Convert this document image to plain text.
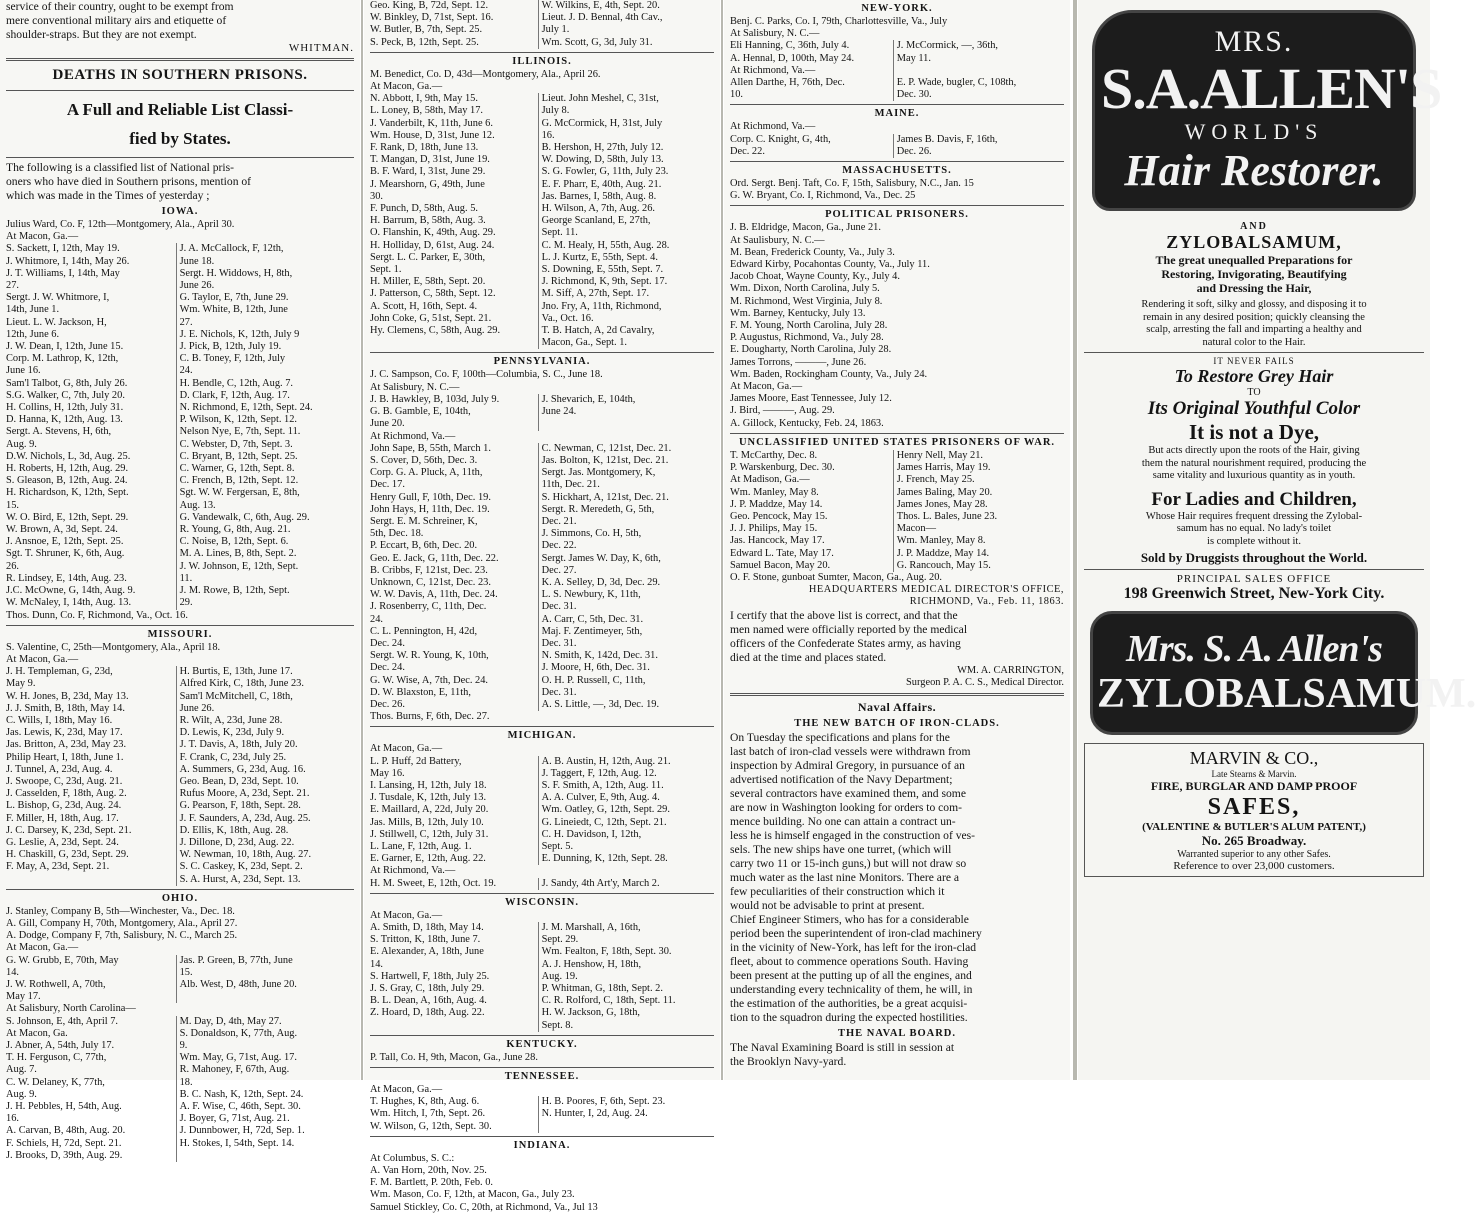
service of their country, ought to be exempt from
mere conventional military airs and etiquette of
shoulder-straps. But they are not exempt.
WHITMAN.
DEATHS IN SOUTHERN PRISONS.
A Full and Reliable List Classi-
fied by States.
The following is a classified list of National pris-
oners who have died in Southern prisons, mention of
which was made in the Times of yesterday ;
IOWA.
Julius Ward, Co. F, 12th—Montgomery, Ala., April 30.
At Macon, Ga.—
S. Sackett, I, 12th, May 19.	J. A. McCallock, F, 12th,
J. Whitmore, I, 14th, May 26.	June 18.
J. T. Williams, I, 14th, May	Sergt. H. Widdows, H, 8th,
27.	June 26.
Sergt. J. W. Whitmore, I,	G. Taylor, E, 7th, June 29.
14th, June 1.	Wm. White, B, 12th, June
Lieut. L. W. Jackson, H,	27.
12th, June 6.	J. E. Nichols, K, 12th, July 9
J. W. Dean, I, 12th, June 15.	J. Pick, B, 12th, July 19.
Corp. M. Lathrop, K, 12th,	C. B. Toney, F, 12th, July
June 16.	24.
Sam'l Talbot, G, 8th, July 26.	H. Bendle, C, 12th, Aug. 7.
S.G. Walker, C, 7th, July 20.	D. Clark, F, 12th, Aug. 17.
H. Collins, H, 12th, July 31.	N. Richmond, E, 12th, Sept. 24.
D. Hanna, K, 12th, Aug. 13.	P. Wilson, K, 12th, Sept. 12.
Sergt. A. Stevens, H, 6th,	Nelson Nye, E, 7th, Sept. 11.
Aug. 9.	C. Webster, D, 7th, Sept. 3.
D.W. Nichols, L, 3d, Aug. 25.	C. Bryant, B, 12th, Sept. 25.
H. Roberts, H, 12th, Aug. 29.	C. Warner, G, 12th, Sept. 8.
S. Gleason, B, 12th, Aug. 24.	C. French, B, 12th, Sept. 12.
H. Richardson, K, 12th, Sept.	Sgt. W. W. Fergersan, E, 8th,
15.	Aug. 13.
W. O. Bird, E, 12th, Sept. 29.	G. Vandewalk, C, 6th, Aug. 29.
W. Brown, A, 3d, Sept. 24.	R. Young, G, 8th, Aug. 21.
J. Ansnoe, E, 12th, Sept. 25.	C. Noise, B, 12th, Sept. 6.
Sgt. T. Shruner, K, 6th, Aug.	M. A. Lines, B, 8th, Sept. 2.
26.	J. W. Johnson, E, 12th, Sept.
R. Lindsey, E, 14th, Aug. 23.	11.
J.C. McOwne, G, 14th, Aug. 9.	J. M. Rowe, B, 12th, Sept.
W. McNaley, I, 14th, Aug. 13.	29.
Thos. Dunn, Co. F, Richmond, Va., Oct. 16.
MISSOURI.
S. Valentine, C, 25th—Montgomery, Ala., April 18.
At Macon, Ga.—
J. H. Templeman, G, 23d,	H. Burtis, E, 13th, June 17.
May 9.	Alfred Kirk, C, 18th, June 23.
W. H. Jones, B, 23d, May 13.	Sam'l McMitchell, C, 18th,
J. J. Smith, B, 18th, May 14.	June 26.
C. Wills, I, 18th, May 16.	R. Wilt, A, 23d, June 28.
Jas. Lewis, K, 23d, May 17.	D. Lewis, K, 23d, July 9.
Jas. Britton, A, 23d, May 23.	J. T. Davis, A, 18th, July 20.
Philip Heart, I, 18th, June 1.	F. Crank, C, 23d, July 25.
J. Tunnel, A, 23d, Aug. 4.	A. Summers, G, 23d, Aug. 16.
J. Swoope, C, 23d, Aug. 21.	Geo. Bean, D, 23d, Sept. 10.
J. Casselden, F, 18th, Aug. 2.	Rufus Moore, A, 23d, Sept. 21.
L. Bishop, G, 23d, Aug. 24.	G. Pearson, F, 18th, Sept. 28.
F. Miller, H, 18th, Aug. 17.	J. F. Saunders, A, 23d, Aug. 25.
J. C. Darsey, K, 23d, Sept. 21.	D. Ellis, K, 18th, Aug. 28.
G. Leslie, A, 23d, Sept. 24.	J. Dillone, D, 23d, Aug. 22.
H. Chaskill, G, 23d, Sept. 29.	W. Newman, 10, 18th, Aug. 27.
F. May, A, 23d, Sept. 21.	S. C. Caskey, K, 23d, Sept. 2.
S. A. Hurst, A, 23d, Sept. 13.
OHIO.
J. Stanley, Company B, 5th—Winchester, Va., Dec. 18.
A. Gill, Company H, 70th, Montgomery, Ala., April 27.
A. Dodge, Company F, 7th, Salisbury, N. C., March 25.
At Macon, Ga.—
G. W. Grubb, E, 70th, May	Jas. P. Green, B, 77th, June
14.	15.
J. W. Rothwell, A, 70th,	Alb. West, D, 48th, June 20.
May 17.
At Salisbury, North Carolina—
S. Johnson, E, 4th, April 7.	M. Day, D, 4th, May 27.
At Macon, Ga.	S. Donaldson, K, 77th, Aug.
J. Abner, A, 54th, July 17.	9.
T. H. Ferguson, C, 77th,	Wm. May, G, 71st, Aug. 17.
Aug. 7.	R. Mahoney, F, 67th, Aug.
C. W. Delaney, K, 77th,	18.
Aug. 9.	B. C. Nash, K, 12th, Sept. 24.
J. H. Pebbles, H, 54th, Aug.	A. F. Wise, C, 46th, Sept. 30.
16.	J. Boyer, G, 71st, Aug. 21.
A. Carvan, B, 48th, Aug. 20.	J. Dunnbower, H, 72d, Sep. 1.
F. Schiels, H, 72d, Sept. 21.	H. Stokes, I, 54th, Sept. 14.
J. Brooks, D, 39th, Aug. 29.
Geo. King, B, 72d, Sept. 12.	W. Wilkins, E, 4th, Sept. 20.
W. Binkley, D, 71st, Sept. 16.	Lieut. J. D. Bennal, 4th Cav.,
W. Butler, B, 7th, Sept. 25.	July 1.
S. Peck, B, 12th, Sept. 25.	Wm. Scott, G, 3d, July 31.
ILLINOIS.
M. Benedict, Co. D, 43d—Montgomery, Ala., April 26.
At Macon, Ga.—
N. Abbott, I, 9th, May 15.	Lieut. John Meshel, C, 31st,
L. Loney, B, 58th, May 17.	July 8.
J. Vanderbilt, K, 11th, June 6.	G. McCormick, H, 31st, July
Wm. House, D, 31st, June 12.	16.
F. Rank, D, 18th, June 13.	B. Hershon, H, 27th, July 12.
T. Mangan, D, 31st, June 19.	W. Dowing, D, 58th, July 13.
B. F. Ward, I, 31st, June 29.	S. G. Fowler, G, 11th, July 23.
J. Mearshorn, G, 49th, June	E. F. Pharr, E, 40th, Aug. 21.
30.	Jas. Barnes, I, 58th, Aug. 8.
F. Punch, D, 58th, Aug. 5.	H. Wilson, A, 7th, Aug. 26.
H. Barrum, B, 58th, Aug. 3.	George Scanland, E, 27th,
O. Flanshin, K, 49th, Aug. 29.	Sept. 11.
H. Holliday, D, 61st, Aug. 24.	C. M. Healy, H, 55th, Aug. 28.
Sergt. L. C. Parker, E, 30th,	L. J. Kurtz, E, 55th, Sept. 4.
Sept. 1.	S. Downing, E, 55th, Sept. 7.
H. Miller, E, 58th, Sept. 20.	J. Richmond, K, 9th, Sept. 17.
J. Patterson, C, 58th, Sept. 12.	M. Siff, A, 27th, Sept. 17.
A. Scott, H, 16th, Sept. 4.	Jno. Fry, A, 11th, Richmond,
John Coke, G, 51st, Sept. 21.	Va., Oct. 16.
Hy. Clemens, C, 58th, Aug. 29.	T. B. Hatch, A, 2d Cavalry,
Macon, Ga., Sept. 1.
PENNSYLVANIA.
J. C. Sampson, Co. F, 100th—Columbia, S. C., June 18.
At Salisbury, N. C.—
J. B. Hawkley, B, 103d, July 9.	J. Shevarich, E, 104th,
G. B. Gamble, E, 104th,	June 24.
June 20.
At Richmond, Va.—
John Sape, B, 55th, March 1.	C. Newman, C, 121st, Dec. 21.
S. Cover, D, 56th, Dec. 3.	Jas. Bolton, K, 121st, Dec. 21.
Corp. G. A. Pluck, A, 11th,	Sergt. Jas. Montgomery, K,
Dec. 17.	11th, Dec. 21.
Henry Gull, F, 10th, Dec. 19.	S. Hickhart, A, 121st, Dec. 21.
John Hays, H, 11th, Dec. 19.	Sergt. R. Meredeth, G, 5th,
Sergt. E. M. Schreiner, K,	Dec. 21.
5th, Dec. 18.	J. Simmons, Co. H, 5th,
P. Eccart, B, 6th, Dec. 20.	Dec. 22.
Geo. E. Jack, G, 11th, Dec. 22.	Sergt. James W. Day, K, 6th,
B. Cribbs, F, 121st, Dec. 23.	Dec. 27.
Unknown, C, 121st, Dec. 23.	K. A. Selley, D, 3d, Dec. 29.
W. W. Davis, A, 11th, Dec. 24.	L. S. Newbury, K, 11th,
J. Rosenberry, C, 11th, Dec.	Dec. 31.
24.	A. Carr, C, 5th, Dec. 31.
C. L. Pennington, H, 42d,	Maj. F. Zentimeyer, 5th,
Dec. 24.	Dec. 31.
Sergt. W. R. Young, K, 10th,	N. Smith, K, 142d, Dec. 31.
Dec. 24.	J. Moore, H, 6th, Dec. 31.
G. W. Wise, A, 7th, Dec. 24.	O. H. P. Russell, C, 11th,
D. W. Blaxston, E, 11th,	Dec. 31.
Dec. 26.	A. S. Little, —, 3d, Dec. 19.
Thos. Burns, F, 6th, Dec. 27.
MICHIGAN.
At Macon, Ga.—
L. P. Huff, 2d Battery,	A. B. Austin, H, 12th, Aug. 21.
May 16.	J. Taggert, F, 12th, Aug. 12.
I. Lansing, H, 12th, July 18.	S. F. Smith, A, 12th, Aug. 11.
J. Tusdale, K, 12th, July 13.	A. A. Culver, E, 9th, Aug. 4.
E. Maillard, A, 22d, July 20.	Wm. Oatley, G, 12th, Sept. 29.
Jas. Mills, B, 12th, July 10.	G. Lineiedt, C, 12th, Sept. 21.
J. Stillwell, C, 12th, July 31.	C. H. Davidson, I, 12th,
L. Lane, F, 12th, Aug. 1.	Sept. 5.
E. Garner, E, 12th, Aug. 22.	E. Dunning, K, 12th, Sept. 28.
At Richmond, Va.—
H. M. Sweet, E, 12th, Oct. 19.	J. Sandy, 4th Art'y, March 2.
WISCONSIN.
At Macon, Ga.—
A. Smith, D, 18th, May 14.	J. M. Marshall, A, 16th,
S. Tritton, K, 18th, June 7.	Sept. 29.
E. Alexander, A, 18th, June	Wm. Fealton, F, 18th, Sept. 30.
14.	A. J. Henshow, H, 18th,
S. Hartwell, F, 18th, July 25.	Aug. 19.
J. S. Gray, C, 18th, July 29.	P. Whitman, G, 18th, Sept. 2.
B. L. Dean, A, 16th, Aug. 4.	C. R. Rolford, C, 18th, Sept. 11.
Z. Hoard, D, 18th, Aug. 22.	H. W. Jackson, G, 18th,
Sept. 8.
KENTUCKY.
P. Tall, Co. H, 9th, Macon, Ga., June 28.
TENNESSEE.
At Macon, Ga.—
T. Hughes, K, 8th, Aug. 6.	H. B. Poores, F, 6th, Sept. 23.
Wm. Hitch, I, 7th, Sept. 26.	N. Hunter, I, 2d, Aug. 24.
W. Wilson, G, 12th, Sept. 30.
INDIANA.
At Columbus, S. C.:
A. Van Horn, 20th, Nov. 25.
F. M. Bartlett, P. 20th, Feb. 0.
Wm. Mason, Co. F, 12th, at Macon, Ga., July 23.
Samuel Stickley, Co. C, 20th, at Richmond, Va., Jul 13
NEW-YORK.
Benj. C. Parks, Co. I, 79th, Charlottesville, Va., July
At Salisbury, N. C.—
Eli Hanning, C, 36th, July 4.	J. McCormick, —, 36th,
A. Hennal, D, 100th, May 24.	May 11.
At Richmond, Va.—
Allen Darthe, H, 76th, Dec.	E. P. Wade, bugler, C, 108th,
10.	Dec. 30.
MAINE.
At Richmond, Va.—
Corp. C. Knight, G, 4th,	James B. Davis, F, 16th,
Dec. 22.	Dec. 26.
MASSACHUSETTS.
Ord. Sergt. Benj. Taft, Co. F, 15th, Salisbury, N.C., Jan. 15
G. W. Bryant, Co. I, Richmond, Va., Dec. 25
POLITICAL PRISONERS.
J. B. Eldridge, Macon, Ga., June 21.
At Saulisbury, N. C.—
M. Bean, Frederick County, Va., July 3.
Edward Kirby, Pocahontas County, Va., July 11.
Jacob Choat, Wayne County, Ky., July 4.
Wm. Dixon, North Carolina, July 5.
M. Richmond, West Virginia, July 8.
Wm. Barney, Kentucky, July 13.
F. M. Young, North Carolina, July 28.
P. Augustus, Richmond, Va., July 28.
E. Dougharty, North Carolina, July 28.
James Torrons, ———, June 26.
Wm. Baden, Rockingham County, Va., July 24.
At Macon, Ga.—
James Moore, East Tennessee, July 12.
J. Bird, ———, Aug. 29.
A. Gillock, Kentucky, Feb. 24, 1863.
UNCLASSIFIED UNITED STATES PRISONERS OF WAR.
T. McCarthy, Dec. 8.	Henry Nell, May 21.
P. Warskenburg, Dec. 30.	James Harris, May 19.
At Madison, Ga.—	J. French, May 25.
Wm. Manley, May 8.	James Baling, May 20.
J. P. Maddze, May 14.	James Jones, May 28.
Geo. Pencock, May 15.	Thos. L. Bales, June 23.
J. J. Philips, May 15.	Macon—
Jas. Hancock, May 17.	Wm. Manley, May 8.
Edward L. Tate, May 17.	J. P. Maddze, May 14.
Samuel Bacon, May 20.	G. Rancouch, May 15.
O. F. Stone, gunboat Sumter, Macon, Ga., Aug. 20.
HEADQUARTERS MEDICAL DIRECTOR'S OFFICE,
RICHMOND, Va., Feb. 11, 1863.
I certify that the above list is correct, and that the
men named were officially reported by the medical
officers of the Confederate States army, as having
died at the time and places stated.
WM. A. CARRINGTON,
Surgeon P. A. C. S., Medical Director.
Naval Affairs.
THE NEW BATCH OF IRON-CLADS.
On Tuesday the specifications and plans for the
last batch of iron-clad vessels were withdrawn from
inspection by Admiral Gregory, in pursuance of an
advertised notification of the Navy Department;
several contractors have examined them, and some
are now in Washington looking for orders to com-
mence building. No one can attain a contract un-
less he is himself engaged in the construction of ves-
sels. The new ships have one turret, (which will
carry two 11 or 15-inch guns,) but will not draw so
much water as the last nine Monitors. There are a
few peculiarities of their construction which it
would not be advisable to print at present.
Chief Engineer Stimers, who has for a considerable
period been the superintendent of iron-clad machinery
in the vicinity of New-York, has left for the iron-clad
fleet, about to commence operations South. Having
been present at the putting up of all the engines, and
understanding every technicality of them, he will, in
the estimation of the authorities, be a great acquisi-
tion to the squadron during the expected hostilities.
THE NAVAL BOARD.
The Naval Examining Board is still in session at
the Brooklyn Navy-yard.
MRS.
S.A.ALLEN'S
WORLD'S
Hair Restorer.
AND
ZYLOBALSAMUM,
The great unequalled Preparations for
Restoring, Invigorating, Beautifying
and Dressing the Hair,
Rendering it soft, silky and glossy, and disposing it to
remain in any desired position; quickly cleansing the
scalp, arresting the fall and imparting a healthy and
natural color to the Hair.
IT NEVER FAILS
To Restore Grey Hair
TO
Its Original Youthful Color
It is not a Dye,
But acts directly upon the roots of the Hair, giving
them the natural nourishment required, producing the
same vitality and luxurious quantity as in youth.
For Ladies and Children,
Whose Hair requires frequent dressing the Zylobal-
samum has no equal. No lady's toilet
is complete without it.
Sold by Druggists throughout the World.
PRINCIPAL SALES OFFICE
198 Greenwich Street, New-York City.
Mrs. S. A. Allen's
ZYLOBALSAMUM.
MARVIN & CO.,
Late Stearns & Marvin.
FIRE, BURGLAR AND DAMP PROOF
SAFES,
(VALENTINE & BUTLER'S ALUM PATENT,)
No. 265 Broadway.
Warranted superior to any other Safes.
Reference to over 23,000 customers.
